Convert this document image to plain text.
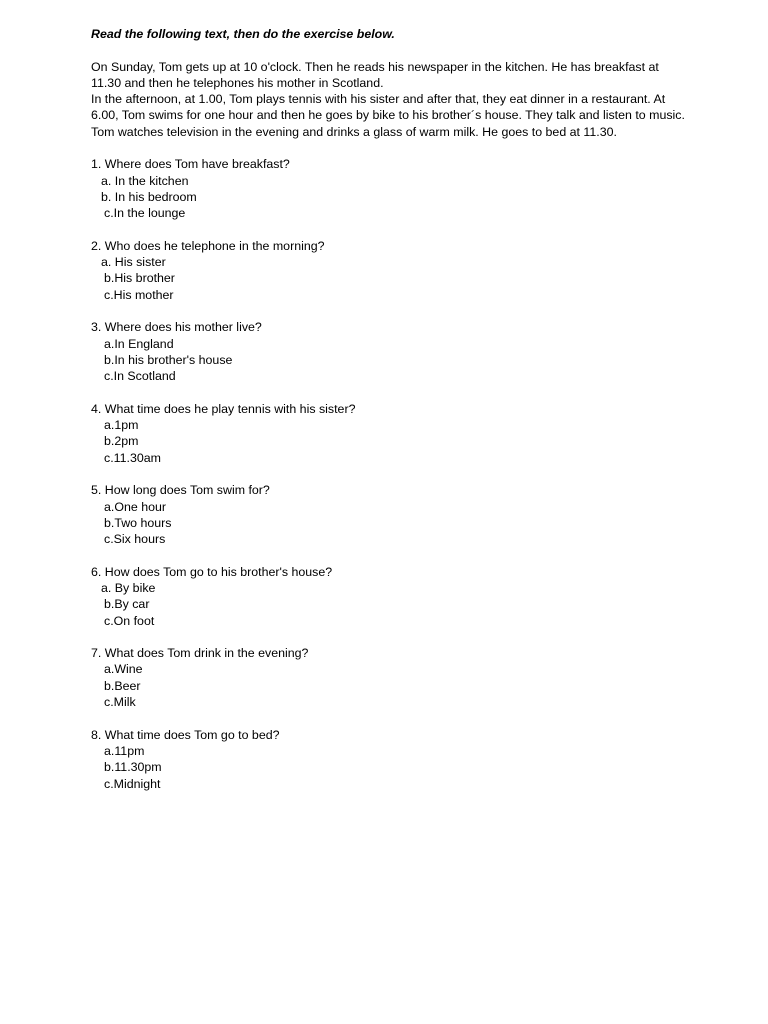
Read the following text, then do the exercise below.

On Sunday, Tom gets up at 10 o'clock. Then he reads his newspaper in the kitchen. He has breakfast at 11.30 and then he telephones his mother in Scotland.

In the afternoon, at 1.00, Tom plays tennis with his sister and after that, they eat dinner in a restaurant. At 6.00, Tom swims for one hour and then he goes by bike to his brother´s house. They talk and listen to music.

Tom watches television in the evening and drinks a glass of warm milk. He goes to bed at 11.30.

1. Where does Tom have breakfast?

a. In the kitchen
b. In his bedroom
c.In the lounge

2. Who does he telephone in the morning?

a. His sister
b.His brother
c.His mother

3. Where does his mother live?

a.In England
b.In his brother's house
c.In Scotland

4. What time does he play tennis with his sister?

a.1pm
b.2pm
c.11.30am

5. How long does Tom swim for?

a.One hour
b.Two hours
c.Six hours

6. How does Tom go to his brother's house?

a. By bike
b.By car
c.On foot

7. What does Tom drink in the evening?

a.Wine
b.Beer
c.Milk

8. What time does Tom go to bed?

a.11pm
b.11.30pm
c.Midnight
